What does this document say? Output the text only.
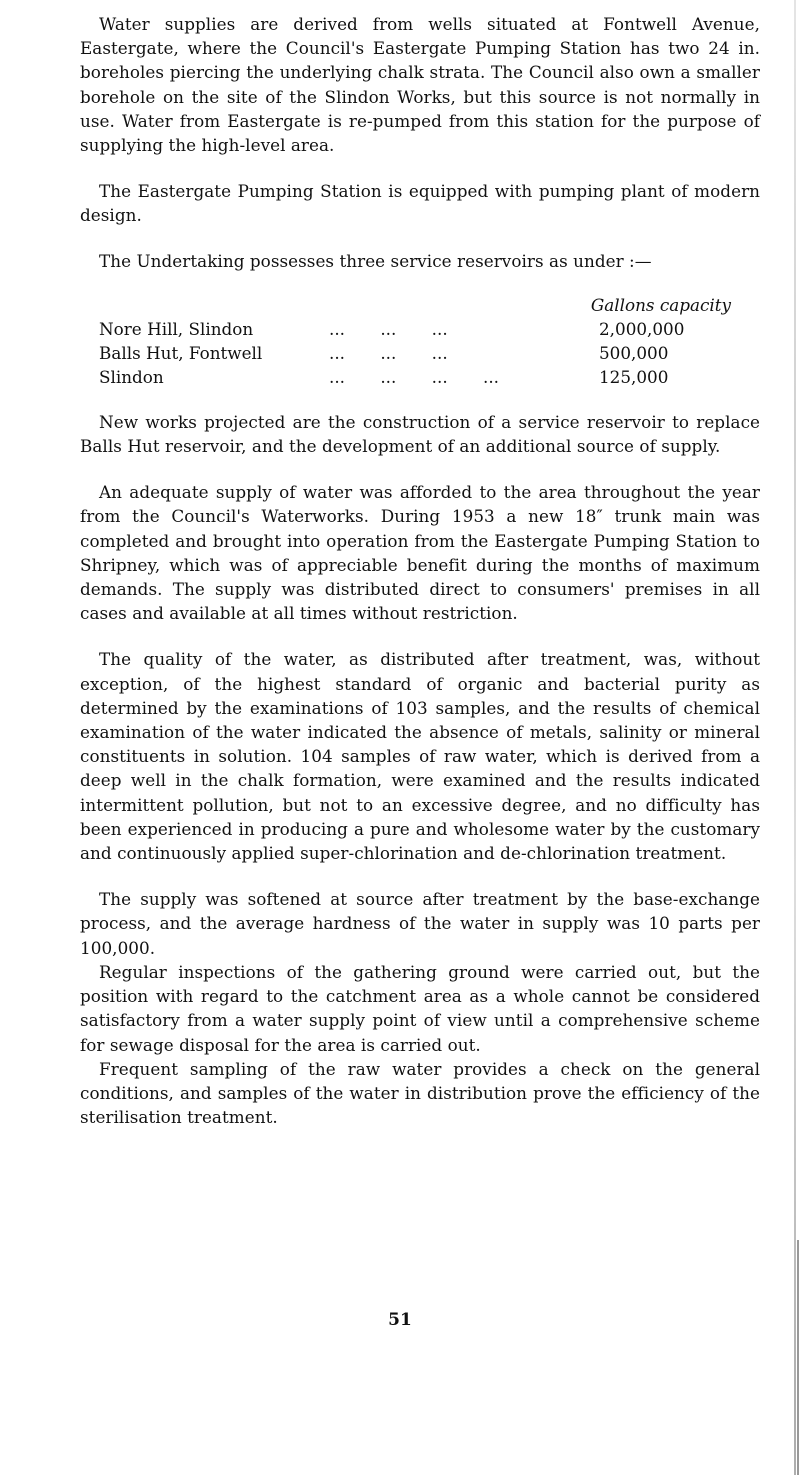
Water supplies are derived from wells situated at Fontwell Avenue, Eastergate, where the Council's Eastergate Pumping Station has two 24 in. boreholes piercing the underlying chalk strata. The Council also own a smaller borehole on the site of the Slindon Works, but this source is not normally in use. Water from Eastergate is re-pumped from this station for the purpose of supplying the high-level area.

The Eastergate Pumping Station is equipped with pumping plant of modern design.

The Undertaking possesses three service reservoirs as under :—

Gallons capacity
Nore Hill, Slindon	... ... ...	2,000,000
Balls Hut, Fontwell	... ... ...	500,000
Slindon	... ... ... ...	125,000

New works projected are the construction of a service reservoir to replace Balls Hut reservoir, and the development of an additional source of supply.

An adequate supply of water was afforded to the area throughout the year from the Council's Waterworks. During 1953 a new 18″ trunk main was completed and brought into operation from the Eastergate Pumping Station to Shripney, which was of appreciable benefit during the months of maximum demands. The supply was distributed direct to consumers' premises in all cases and available at all times without restriction.

The quality of the water, as distributed after treatment, was, without exception, of the highest standard of organic and bacterial purity as determined by the examinations of 103 samples, and the results of chemical examination of the water indicated the absence of metals, salinity or mineral constituents in solution. 104 samples of raw water, which is derived from a deep well in the chalk formation, were examined and the results indicated intermittent pollution, but not to an excessive degree, and no difficulty has been experienced in producing a pure and wholesome water by the customary and continuously applied super-chlorination and de-chlorination treatment.

The supply was softened at source after treatment by the base-exchange process, and the average hardness of the water in supply was 10 parts per 100,000.

Regular inspections of the gathering ground were carried out, but the position with regard to the catchment area as a whole cannot be considered satisfactory from a water supply point of view until a comprehensive scheme for sewage disposal for the area is carried out.

Frequent sampling of the raw water provides a check on the general conditions, and samples of the water in distribution prove the efficiency of the sterilisation treatment.

51
